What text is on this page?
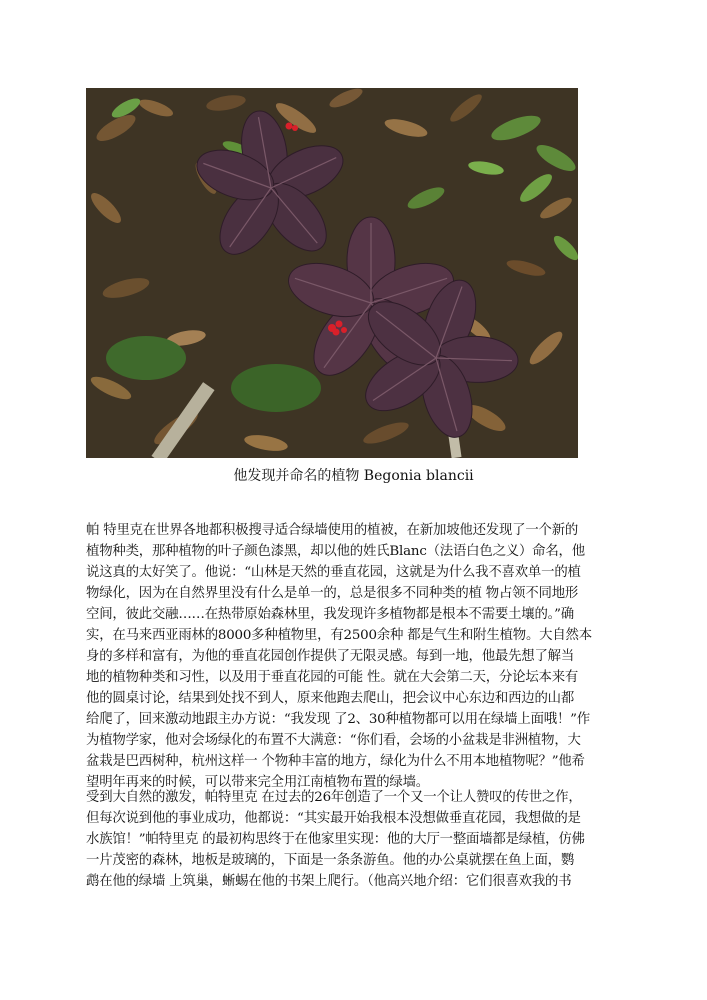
他发现并命名的植物 Begonia blancii
帕 特里克在世界各地都积极搜寻适合绿墙使用的植被，在新加坡他还发现了一个新的
植物种类，那种植物的叶子颜色漆黑，却以他的姓氏Blanc（法语白色之义）命名，他
说这真的太好笑了。他说：“山林是天然的垂直花园，这就是为什么我不喜欢单一的植
物绿化，因为在自然界里没有什么是单一的，总是很多不同种类的植 物占领不同地形
空间，彼此交融……在热带原始森林里，我发现许多植物都是根本不需要土壤的。”确
实，在马来西亚雨林的8000多种植物里，有2500余种 都是气生和附生植物。大自然本
身的多样和富有，为他的垂直花园创作提供了无限灵感。每到一地，他最先想了解当
地的植物种类和习性，以及用于垂直花园的可能 性。就在大会第二天，分论坛本来有
他的圆桌讨论，结果到处找不到人，原来他跑去爬山，把会议中心东边和西边的山都
给爬了，回来激动地跟主办方说：“我发现 了2、30种植物都可以用在绿墙上面哦！”作
为植物学家，他对会场绿化的布置不大满意：“你们看，会场的小盆栽是非洲植物，大
盆栽是巴西树种，杭州这样一 个物种丰富的地方，绿化为什么不用本地植物呢？”他希
望明年再来的时候，可以带来完全用江南植物布置的绿墙。
受到大自然的激发，帕特里克 在过去的26年创造了一个又一个让人赞叹的传世之作，
但每次说到他的事业成功，他都说：“其实最开始我根本没想做垂直花园，我想做的是
水族馆！”帕特里克 的最初构思终于在他家里实现：他的大厅一整面墙都是绿植，仿佛
一片茂密的森林，地板是玻璃的，下面是一条条游鱼。他的办公桌就摆在鱼上面，鹦
鹉在他的绿墙 上筑巢，蜥蜴在他的书架上爬行。（他高兴地介绍：它们很喜欢我的书
